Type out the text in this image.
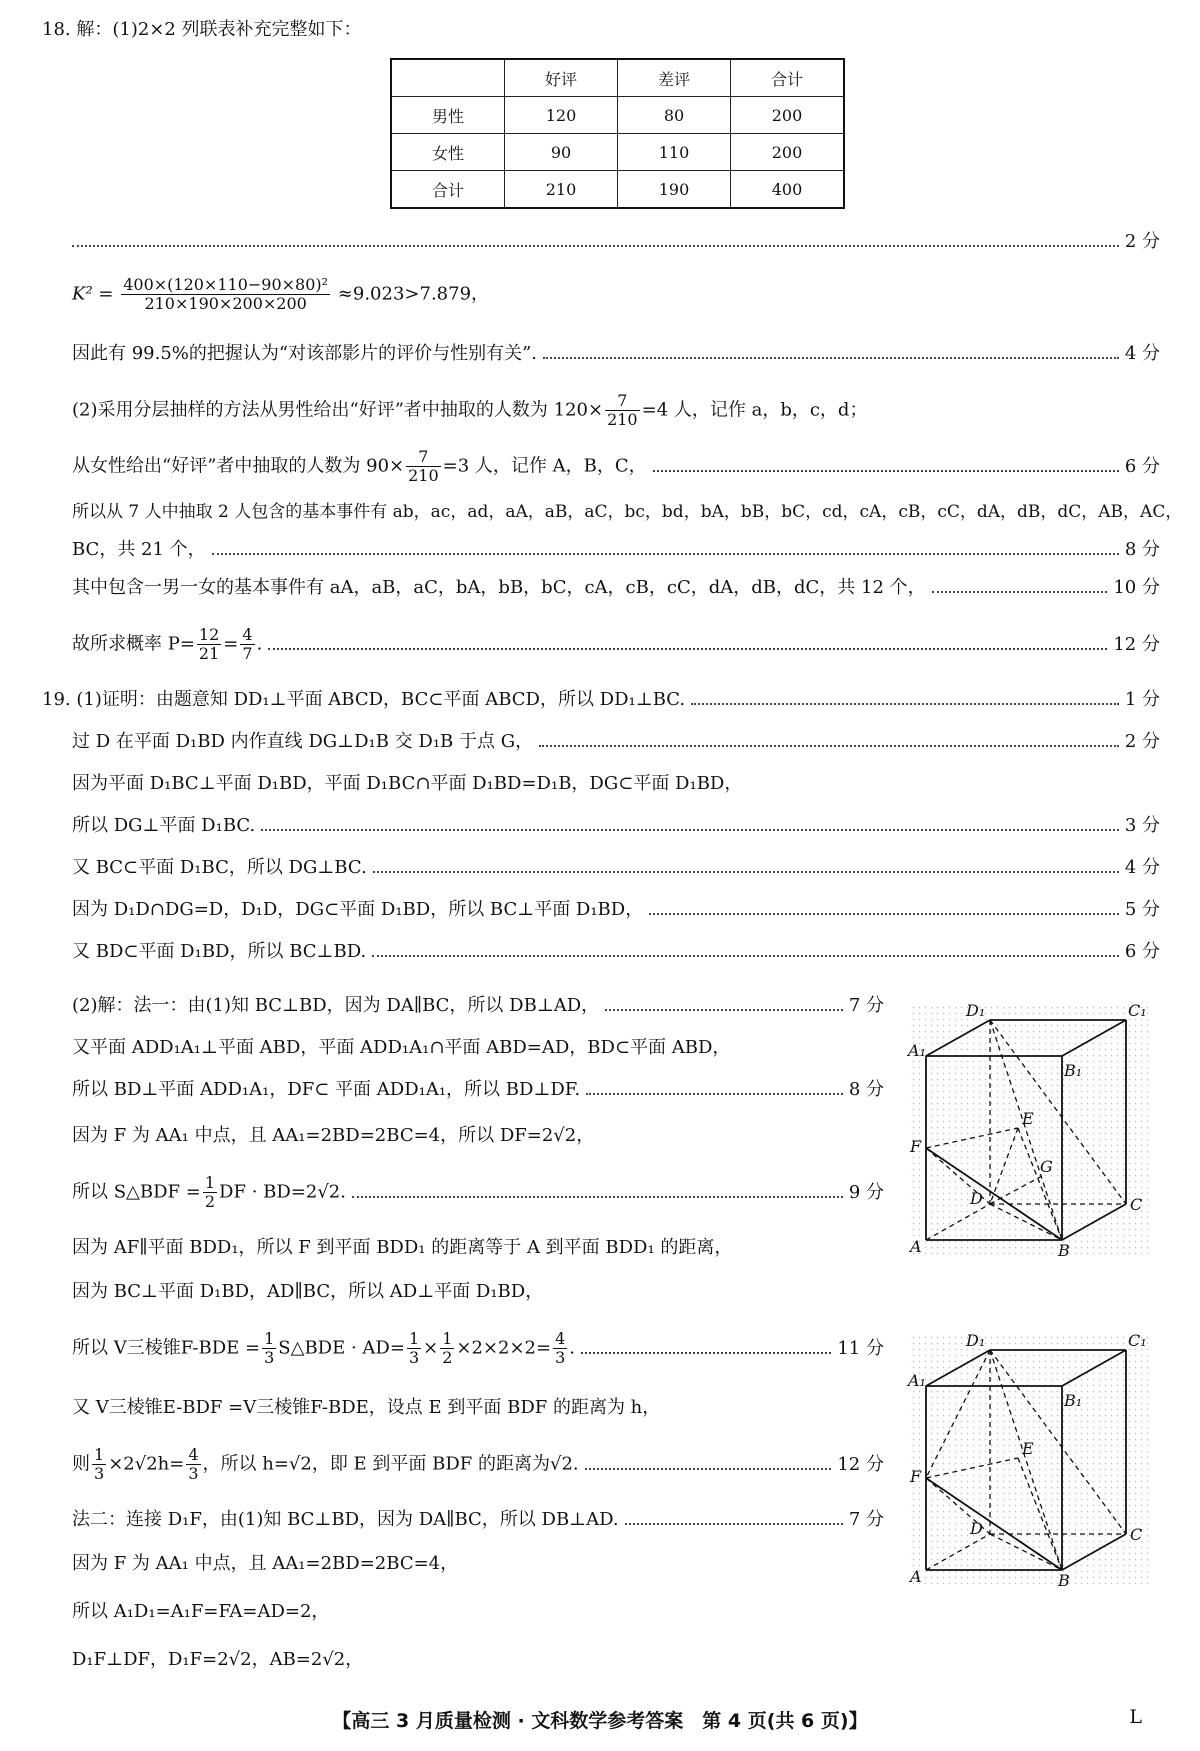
18. 解：(1)2×2 列联表补充完整如下：
	好评	差评	合计
男性	120	80	200
女性	90	110	200
合计	210	190	400
2 分
$K^2 = \frac{\text{400×(120×110−90×80)²}}{210\times 190\times 200\times 200} \approx 9.023>7.879$，
因此有 99.5%的把握认为“对该部影片的评价与性别有关”.	4 分
(2)采用分层抽样的方法从男性给出“好评”者中抽取的人数为 $120\times \frac{7}{210} =4$ 人，记作 a，b，c，d；
从女性给出“好评”者中抽取的人数为 $90\times \frac{7}{210} =3$ 人，记作 A，B，C，	6 分
所以从 7 人中抽取 2 人包含的基本事件有 ab，ac，ad，aA，aB，aC，bc，bd，bA，bB，bC，cd，cA，cB，cC，dA，dB，dC，AB，AC，
BC，共 21 个，	8 分
其中包含一男一女的基本事件有 aA，aB，aC，bA，bB，bC，cA，cB，cC，dA，dB，dC，共 12 个，	10 分
故所求概率 $P= \frac{12}{21} = \frac{4}{7}$ .	12 分
19. (1)证明：由题意知 DD₁⊥平面 ABCD，BC⊂平面 ABCD，所以 DD₁⊥BC.	1 分
过 D 在平面 D₁BD 内作直线 DG⊥D₁B 交 D₁B 于点 G，	2 分
因为平面 D₁BC⊥平面 D₁BD，平面 D₁BC∩平面 D₁BD=D₁B，DG⊂平面 D₁BD，
所以 DG⊥平面 D₁BC.	3 分
又 BC⊂平面 D₁BC，所以 DG⊥BC.	4 分
因为 D₁D∩DG=D，D₁D，DG⊂平面 D₁BD，所以 BC⊥平面 D₁BD，	5 分
又 BD⊂平面 D₁BD，所以 BC⊥BD.	6 分
(2)解：法一：由(1)知 BC⊥BD，因为 DA∥BC，所以 DB⊥AD，	7 分
又平面 ADD₁A₁⊥平面 ABD，平面 ADD₁A₁∩平面 ABD=AD，BD⊂平面 ABD，
所以 BD⊥平面 ADD₁A₁，DF⊂ 平面 ADD₁A₁，所以 BD⊥DF.	8 分
因为 F 为 AA₁ 中点，且 AA₁=2BD=2BC=4，所以 DF=2√2，
所以 S△BDF = $\frac{1}{2}$ DF · BD=2√2.	9 分
因为 AF∥平面 BDD₁，所以 F 到平面 BDD₁ 的距离等于 A 到平面 BDD₁ 的距离，
因为 BC⊥平面 D₁BD，AD∥BC，所以 AD⊥平面 D₁BD，
所以 V三棱锥$F-BDE = \frac{1}{3}$ S△BDE · $AD= \frac{1}{3} \times \frac{1}{2} \times 2\times 2\times 2= \frac{4}{3}$ .	11 分
又 V三棱锥E-BDF =V三棱锥F-BDE，设点 E 到平面 BDF 的距离为 h，
则 $\frac{1}{3} \times 2√2h= \frac{4}{3}$ ，所以 h=√2，即 E 到平面 BDF 的距离为√2.	12 分
法二：连接 D₁F，由(1)知 BC⊥BD，因为 DA∥BC，所以 DB⊥AD.	7 分
因为 F 为 AA₁ 中点，且 AA₁=2BD=2BC=4，
所以 A₁D₁=A₁F=FA=AD=2，
D₁F⊥DF，D₁F=2√2，AB=2√2，
D₁	C₁
A₁
B₁
E
F
G
D	C
A	B
D₁	C₁
A₁
B₁
E
F
D	C
A	B
【高三 3 月质量检测 · 文科数学参考答案　第 4 页(共 6 页)】	L
